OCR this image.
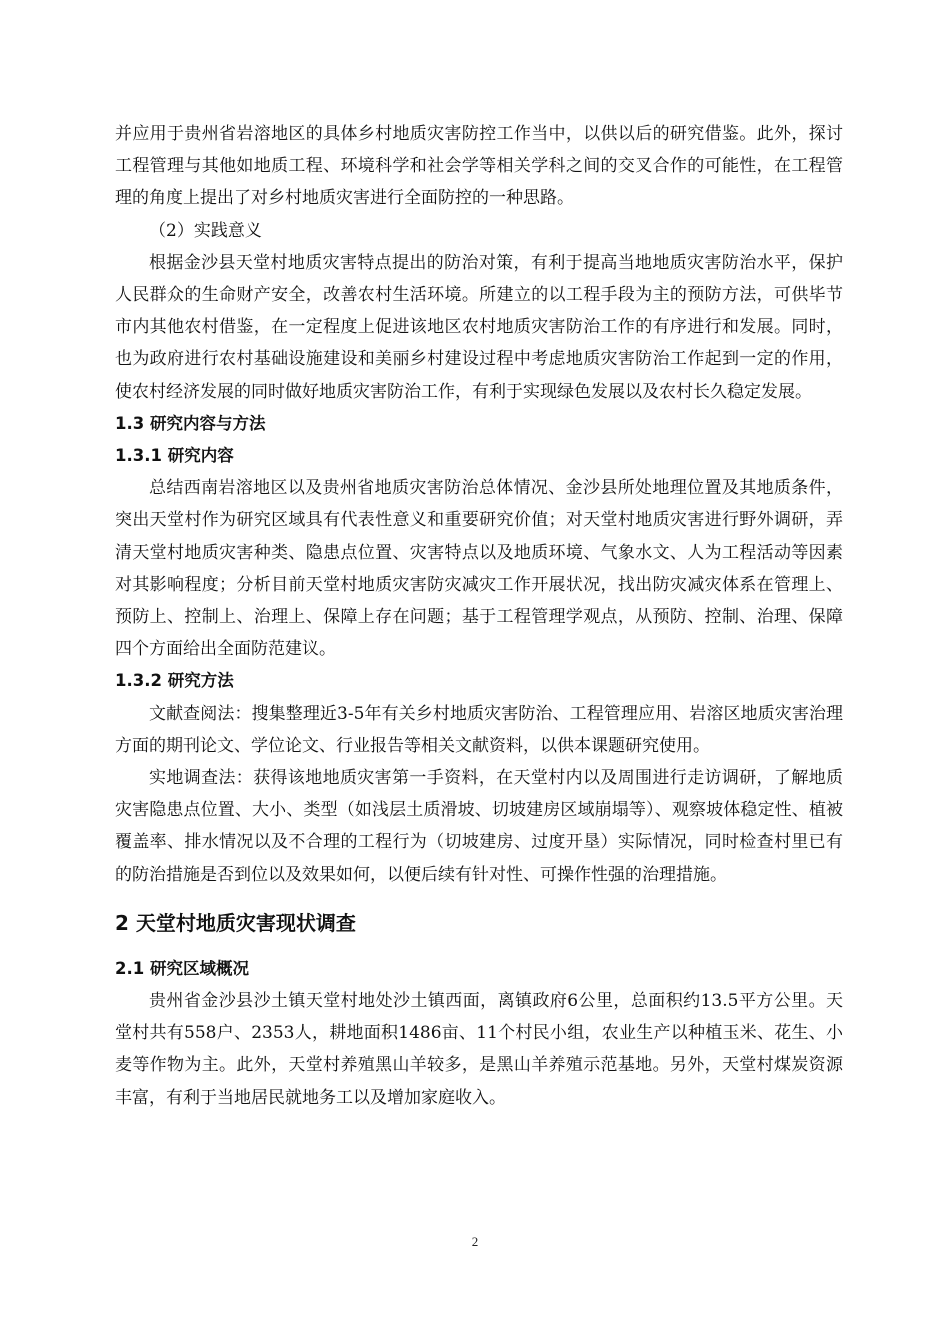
并应用于贵州省岩溶地区的具体乡村地质灾害防控工作当中，以供以后的研究借鉴。此外，探讨工程管理与其他如地质工程、环境科学和社会学等相关学科之间的交叉合作的可能性，在工程管理的角度上提出了对乡村地质灾害进行全面防控的一种思路。

（2）实践意义

根据金沙县天堂村地质灾害特点提出的防治对策，有利于提高当地地质灾害防治水平，保护人民群众的生命财产安全，改善农村生活环境。所建立的以工程手段为主的预防方法，可供毕节市内其他农村借鉴，在一定程度上促进该地区农村地质灾害防治工作的有序进行和发展。同时，也为政府进行农村基础设施建设和美丽乡村建设过程中考虑地质灾害防治工作起到一定的作用，使农村经济发展的同时做好地质灾害防治工作，有利于实现绿色发展以及农村长久稳定发展。

1.3 研究内容与方法
1.3.1 研究内容

总结西南岩溶地区以及贵州省地质灾害防治总体情况、金沙县所处地理位置及其地质条件，突出天堂村作为研究区域具有代表性意义和重要研究价值；对天堂村地质灾害进行野外调研，弄清天堂村地质灾害种类、隐患点位置、灾害特点以及地质环境、气象水文、人为工程活动等因素对其影响程度；分析目前天堂村地质灾害防灾减灾工作开展状况，找出防灾减灾体系在管理上、预防上、控制上、治理上、保障上存在问题；基于工程管理学观点，从预防、控制、治理、保障四个方面给出全面防范建议。

1.3.2 研究方法

文献查阅法：搜集整理近3-5年有关乡村地质灾害防治、工程管理应用、岩溶区地质灾害治理方面的期刊论文、学位论文、行业报告等相关文献资料，以供本课题研究使用。

实地调查法：获得该地地质灾害第一手资料，在天堂村内以及周围进行走访调研，了解地质灾害隐患点位置、大小、类型（如浅层土质滑坡、切坡建房区域崩塌等）、观察坡体稳定性、植被覆盖率、排水情况以及不合理的工程行为（切坡建房、过度开垦）实际情况，同时检查村里已有的防治措施是否到位以及效果如何，以便后续有针对性、可操作性强的治理措施。

2 天堂村地质灾害现状调查
2.1 研究区域概况

贵州省金沙县沙土镇天堂村地处沙土镇西面，离镇政府6公里，总面积约13.5平方公里。天堂村共有558户、2353人，耕地面积1486亩、11个村民小组，农业生产以种植玉米、花生、小麦等作物为主。此外，天堂村养殖黑山羊较多，是黑山羊养殖示范基地。另外，天堂村煤炭资源丰富，有利于当地居民就地务工以及增加家庭收入。

2
